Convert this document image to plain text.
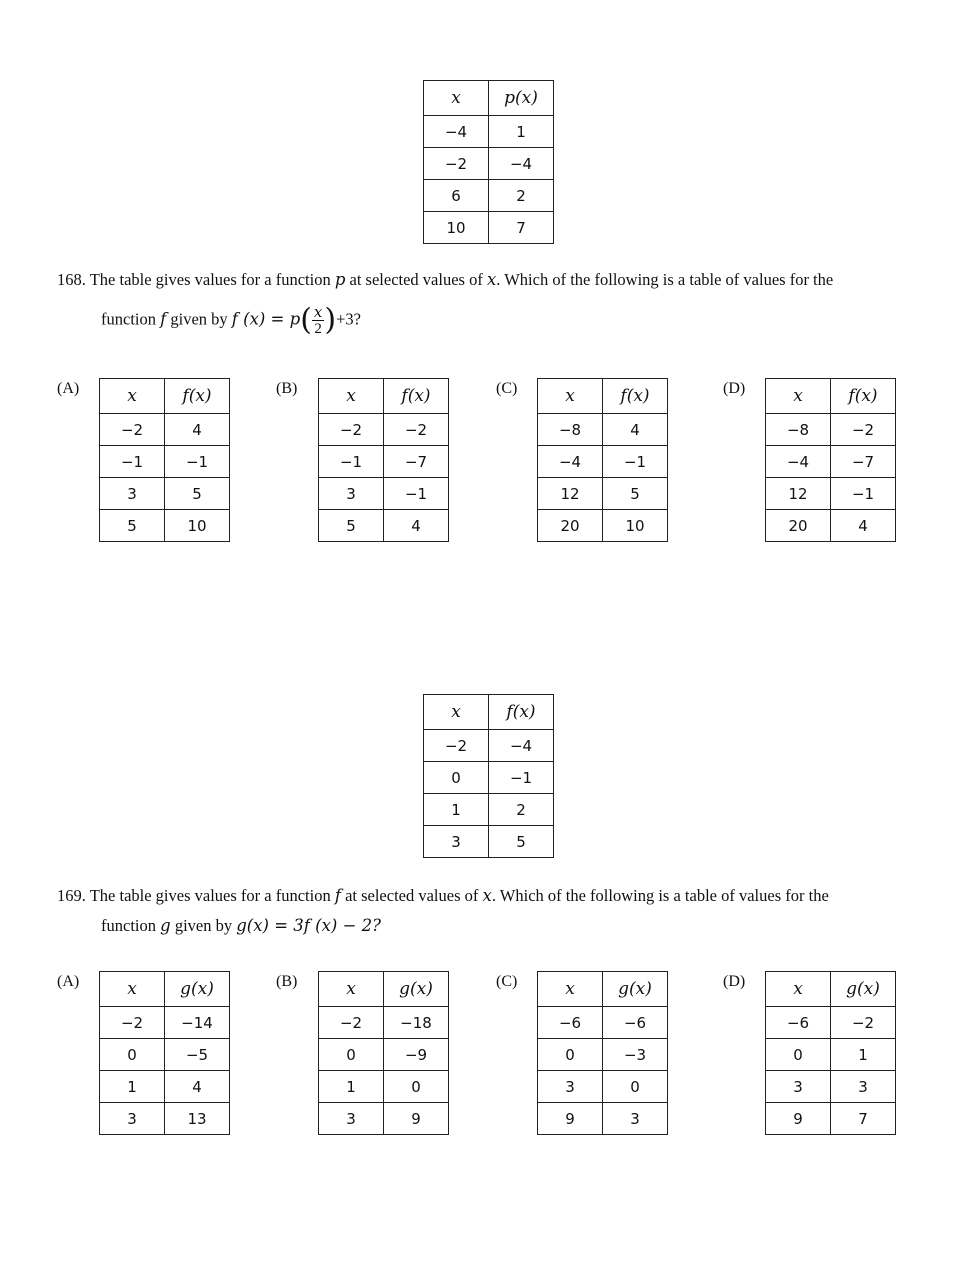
x	p(x)
−4	1
−2	−4
6	2
10	7
168. The table gives values for a function p at selected values of x. Which of the following is a table of values for the
function f given by f $(x) = p( \frac{x}{2} )+3$?
(A)	x	f(x)
−2	4
−1	−1
3	5
5	10
(B)	x	f(x)
−2	−2
−1	−7
3	−1
5	4
(C)	x	f(x)
−8	4
−4	−1
12	5
20	10
(D)	x	f(x)
−8	−2
−4	−7
12	−1
20	4
x	f(x)
−2	−4
0	−1
1	2
3	5
169. The table gives values for a function f at selected values of x. Which of the following is a table of values for the
function g given by g(x) = 3f (x) − 2?
(A)	x	g(x)
−2	−14
0	−5
1	4
3	13
(B)	x	g(x)
−2	−18
0	−9
1	0
3	9
(C)	x	g(x)
−6	−6
0	−3
3	0
9	3
(D)	x	g(x)
−6	−2
0	1
3	3
9	7
